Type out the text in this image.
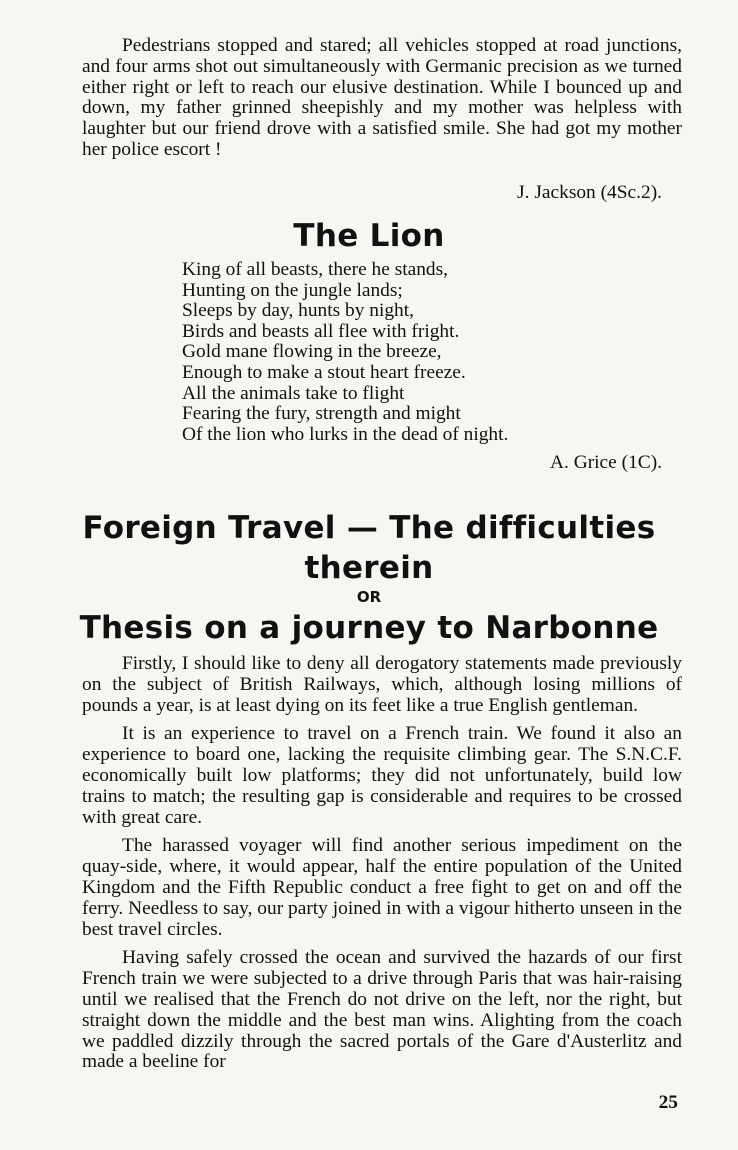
Pedestrians stopped and stared; all vehicles stopped at road junctions, and four arms shot out simultaneously with Germanic precision as we turned either right or left to reach our elusive destination. While I bounced up and down, my father grinned sheepishly and my mother was helpless with laughter but our friend drove with a satisfied smile. She had got my mother her police escort !

J. Jackson (4Sc.2).
The Lion
King of all beasts, there he stands,
Hunting on the jungle lands;
Sleeps by day, hunts by night,
Birds and beasts all flee with fright.
Gold mane flowing in the breeze,
Enough to make a stout heart freeze.
All the animals take to flight
Fearing the fury, strength and might
Of the lion who lurks in the dead of night.
A. Grice (1C).
Foreign Travel — The difficulties
therein
OR
Thesis on a journey to Narbonne

Firstly, I should like to deny all derogatory statements made previously on the subject of British Railways, which, although losing millions of pounds a year, is at least dying on its feet like a true English gentleman.

It is an experience to travel on a French train. We found it also an experience to board one, lacking the requisite climbing gear. The S.N.C.F. economically built low platforms; they did not unfortunately, build low trains to match; the resulting gap is considerable and requires to be crossed with great care.

The harassed voyager will find another serious impediment on the quay-side, where, it would appear, half the entire population of the United Kingdom and the Fifth Republic conduct a free fight to get on and off the ferry. Needless to say, our party joined in with a vigour hitherto unseen in the best travel circles.

Having safely crossed the ocean and survived the hazards of our first French train we were subjected to a drive through Paris that was hair-raising until we realised that the French do not drive on the left, nor the right, but straight down the middle and the best man wins. Alighting from the coach we paddled dizzily through the sacred portals of the Gare d'Austerlitz and made a beeline for

25
